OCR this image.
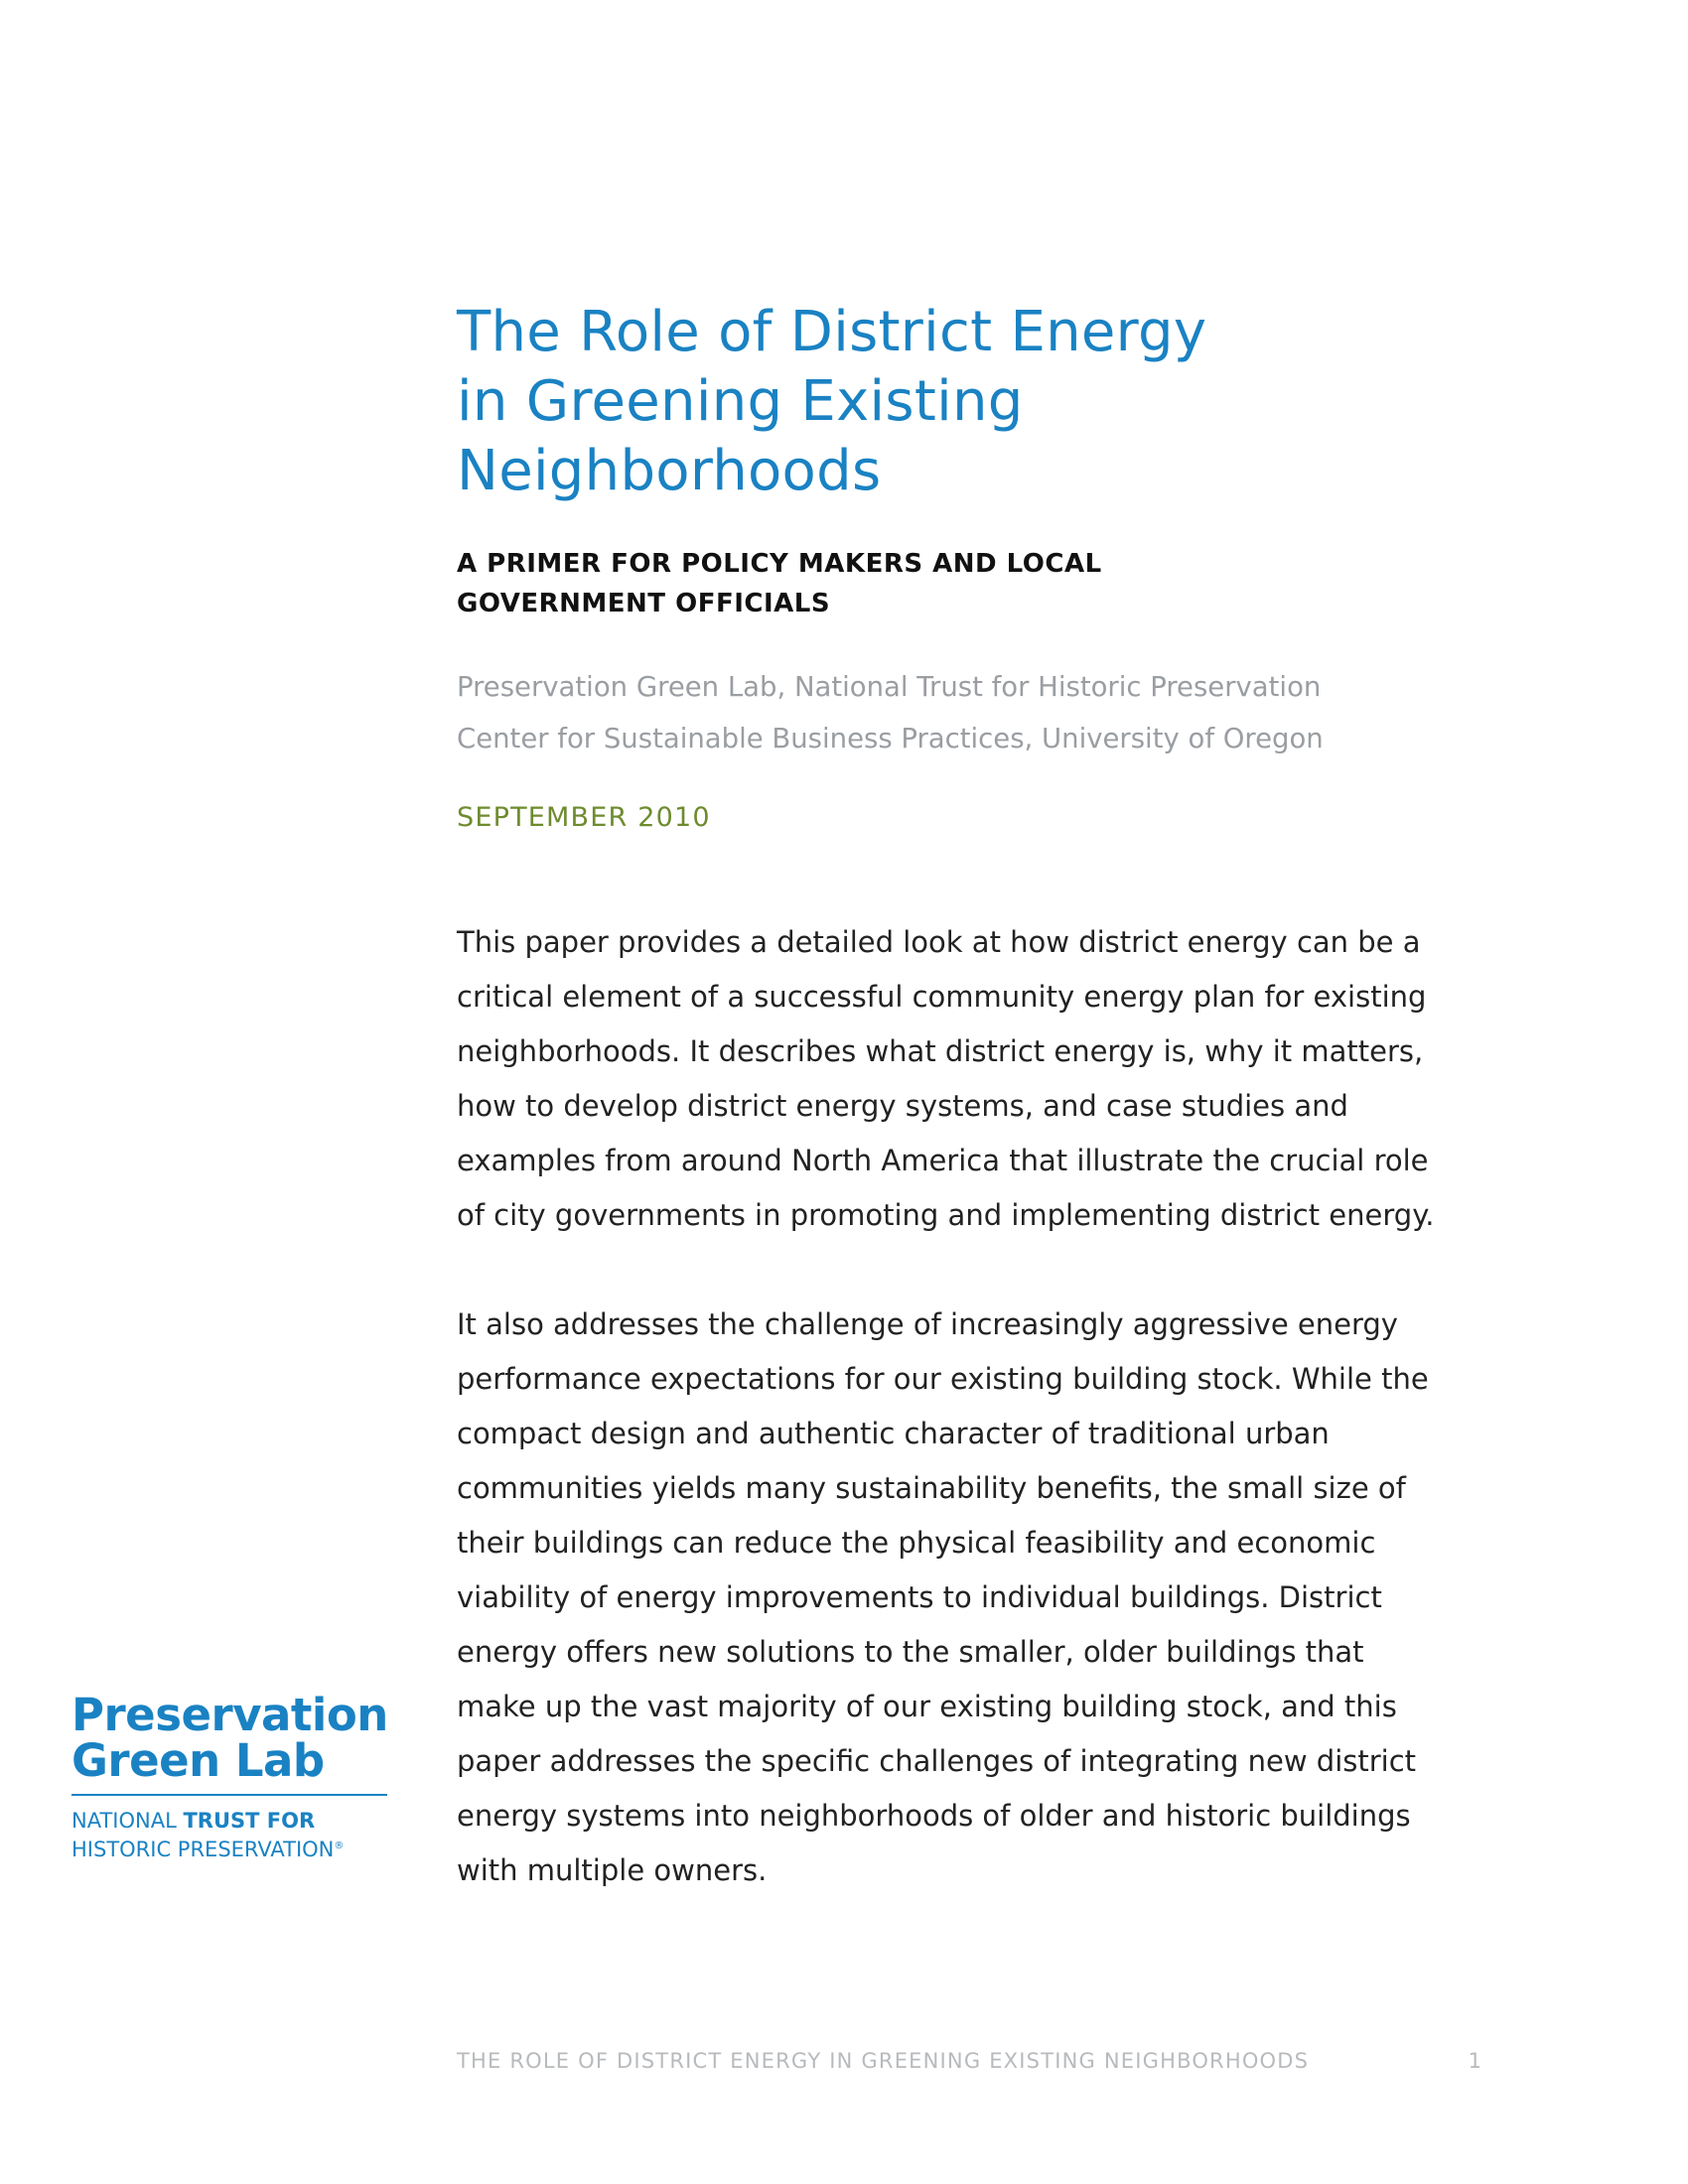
The Role of District Energy
in Greening Existing
Neighborhoods
A PRIMER FOR POLICY MAKERS AND LOCAL
GOVERNMENT OFFICIALS
Preservation Green Lab, National Trust for Historic Preservation
Center for Sustainable Business Practices, University of Oregon
SEPTEMBER 2010

This paper provides a detailed look at how district energy can be a
critical element of a successful community energy plan for existing
neighborhoods. It describes what district energy is, why it matters,
how to develop district energy systems, and case studies and
examples from around North America that illustrate the crucial role
of city governments in promoting and implementing district energy.

It also addresses the challenge of increasingly aggressive energy
performance expectations for our existing building stock. While the
compact design and authentic character of traditional urban
communities yields many sustainability benefits, the small size of
their buildings can reduce the physical feasibility and economic
viability of energy improvements to individual buildings. District
energy offers new solutions to the smaller, older buildings that
make up the vast majority of our existing building stock, and this
paper addresses the specific challenges of integrating new district
energy systems into neighborhoods of older and historic buildings
with multiple owners.

Preservation
Green Lab
NATIONAL TRUST FOR
HISTORIC PRESERVATION®
THE ROLE OF DISTRICT ENERGY IN GREENING EXISTING NEIGHBORHOODS	1
